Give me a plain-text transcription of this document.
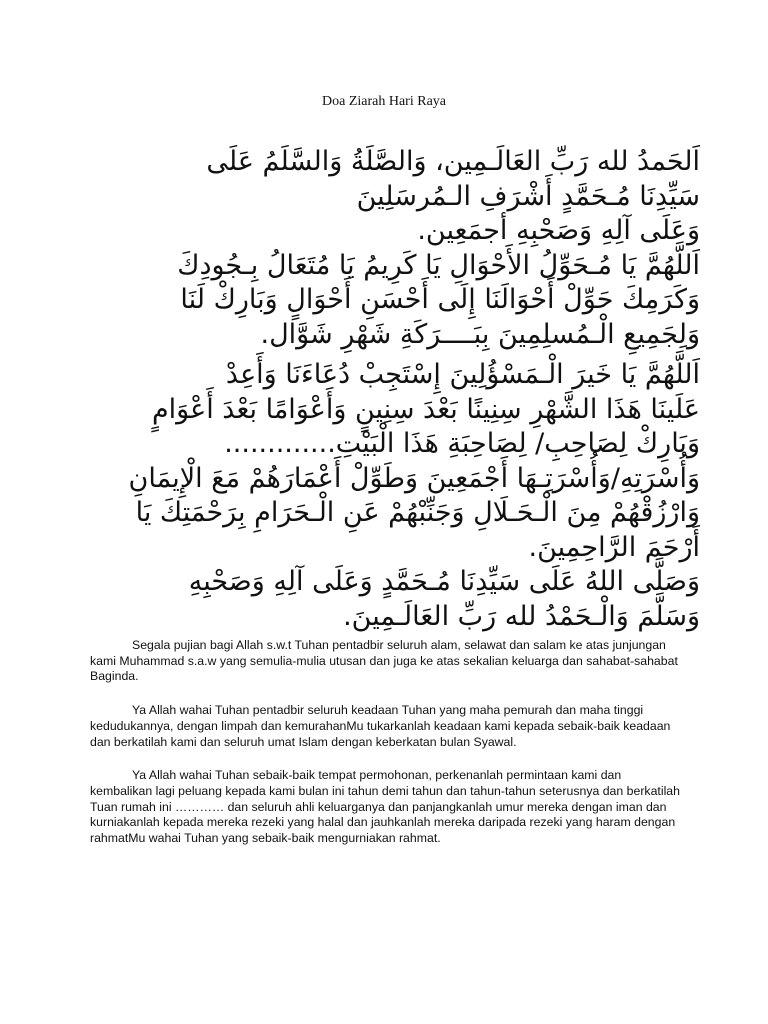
Doa Ziarah Hari Raya

اَلحَمدُ لله رَبِّ العَالَـمِين، وَالصَّلَةُ وَالسَّلَمُ عَلَى

سَيِّدِنَا مُـحَمَّدٍ أَشْرَفِ الـمُرسَلِينَ

وَعَلَى آلِهِ وَصَحْبِهِ أجمَعِين.

اَللَّهُمَّ يَا مُـحَوِّلُ الأَحْوَالِ يَا كَرِيمُ يَا مُتَعَالُ بِـجُودِكَ

وَكَرَمِكَ حَوِّلْ أَحْوَالَنَا إِلَى أَحْسَنِ أَحْوَالٍ وَبَارِكْ لَنَا

وَلِجَمِيعِ الْـمُسلِمِينَ بِبَــــرَكَةِ شَهْرِ شَوَّال.

اَللَّهُمَّ يَا خَيرَ الْـمَسْؤُلِينَ إِسْتَجِبْ دُعَاءَنَا وَأَعِدْ

عَلَينَا هَذَا الشَّهْرِ سِنِينًا بَعْدَ سِنِينٍ وَأَعْوَامًا بَعْدَ أَعْوَامٍ

وَبَارِكْ لِصَاحِبِ/ لِصَاحِبَةِ هَذَا الْبَيْتِ.............

وَأُسْرَتِهِ/وَأُسْرَتِـهَا أَجْمَعِينَ وَطَوِّلْ أَعْمَارَهُمْ مَعَ الْإِيمَانِ

وَارْزُقْهُمْ مِنَ الْـحَـلَالِ وَجَنِّبْهُمْ عَنِ الْـحَرَامِ بِرَحْمَتِكَ يَا

أَرْحَمَ الرَّاحِمِينَ.

وَصَلَّى اللهُ عَلَى سَيِّدِنَا مُـحَمَّدٍ وَعَلَى آلِهِ وَصَحْبِهِ

وَسَلَّمَ وَالْـحَمْدُ لله رَبِّ العَالَـمِينَ.

Segala pujian bagi Allah s.w.t Tuhan pentadbir seluruh alam, selawat dan salam ke atas junjungan kami Muhammad s.a.w yang semulia-mulia utusan dan juga ke atas sekalian keluarga dan sahabat-sahabat Baginda.

Ya Allah wahai Tuhan pentadbir seluruh keadaan Tuhan yang maha pemurah dan maha tinggi kedudukannya, dengan limpah dan kemurahanMu tukarkanlah keadaan kami kepada sebaik-baik keadaan dan berkatilah kami dan seluruh umat Islam dengan keberkatan bulan Syawal.

Ya Allah wahai Tuhan sebaik-baik tempat permohonan, perkenanlah permintaan kami dan kembalikan lagi peluang kepada kami bulan ini tahun demi tahun dan tahun-tahun seterusnya dan berkatilah Tuan rumah ini ………… dan seluruh ahli keluarganya dan panjangkanlah umur mereka dengan iman dan kurniakanlah kepada mereka rezeki yang halal dan jauhkanlah mereka daripada rezeki yang haram dengan rahmatMu wahai Tuhan yang sebaik-baik mengurniakan rahmat.
